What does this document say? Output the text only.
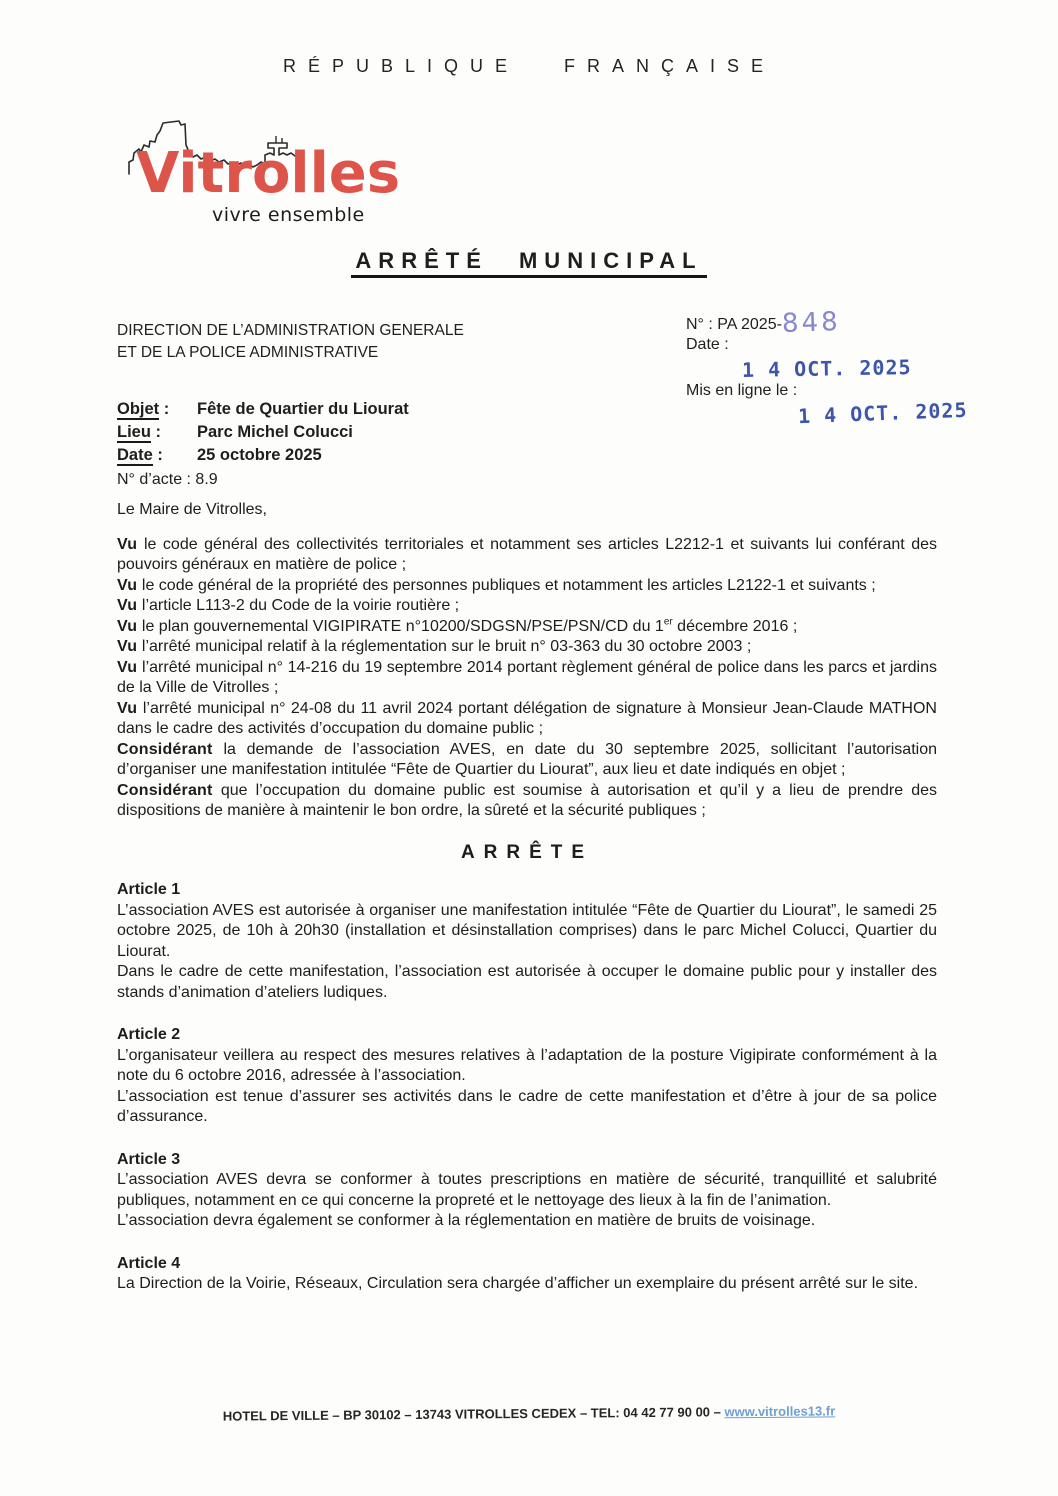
RÉPUBLIQUE FRANÇAISE
Vitrolles
vivre ensemble
ARRÊTÉ MUNICIPAL
DIRECTION DE L’ADMINISTRATION GENERALE
ET DE LA POLICE ADMINISTRATIVE
N° : PA 2025-848
Date :
1 4 OCT. 2025
Mis en ligne le :
1 4 OCT. 2025
Objet : Fête de Quartier du Liourat
Lieu : Parc Michel Colucci
Date : 25 octobre 2025
N° d’acte : 8.9

Le Maire de Vitrolles,

Vu le code général des collectivités territoriales et notamment ses articles L2212-1 et suivants lui conférant des pouvoirs généraux en matière de police ;

Vu le code général de la propriété des personnes publiques et notamment les articles L2122-1 et suivants ;

Vu l’article L113-2 du Code de la voirie routière ;

Vu le plan gouvernemental VIGIPIRATE n°10200/SDGSN/PSE/PSN/CD du 1er décembre 2016 ;

Vu l’arrêté municipal relatif à la réglementation sur le bruit n° 03-363 du 30 octobre 2003 ;

Vu l’arrêté municipal n° 14-216 du 19 septembre 2014 portant règlement général de police dans les parcs et jardins de la Ville de Vitrolles ;

Vu l’arrêté municipal n° 24-08 du 11 avril 2024 portant délégation de signature à Monsieur Jean-Claude MATHON dans le cadre des activités d’occupation du domaine public ;

Considérant la demande de l’association AVES, en date du 30 septembre 2025, sollicitant l’autorisation d’organiser une manifestation intitulée “Fête de Quartier du Liourat”, aux lieu et date indiqués en objet ;

Considérant que l’occupation du domaine public est soumise à autorisation et qu’il y a lieu de prendre des dispositions de manière à maintenir le bon ordre, la sûreté et la sécurité publiques ;

ARRÊTE
Article 1

L’association AVES est autorisée à organiser une manifestation intitulée “Fête de Quartier du Liourat”, le samedi 25 octobre 2025, de 10h à 20h30 (installation et désinstallation comprises) dans le parc Michel Colucci, Quartier du Liourat.

Dans le cadre de cette manifestation, l’association est autorisée à occuper le domaine public pour y installer des stands d’animation d’ateliers ludiques.

Article 2

L’organisateur veillera au respect des mesures relatives à l’adaptation de la posture Vigipirate conformément à la note du 6 octobre 2016, adressée à l’association.

L’association est tenue d’assurer ses activités dans le cadre de cette manifestation et d’être à jour de sa police d’assurance.

Article 3

L’association AVES devra se conformer à toutes prescriptions en matière de sécurité, tranquillité et salubrité publiques, notamment en ce qui concerne la propreté et le nettoyage des lieux à la fin de l’animation.

L’association devra également se conformer à la réglementation en matière de bruits de voisinage.

Article 4

La Direction de la Voirie, Réseaux, Circulation sera chargée d’afficher un exemplaire du présent arrêté sur le site.

HOTEL DE VILLE – BP 30102 – 13743 VITROLLES CEDEX – TEL: 04 42 77 90 00 – www.vitrolles13.fr
